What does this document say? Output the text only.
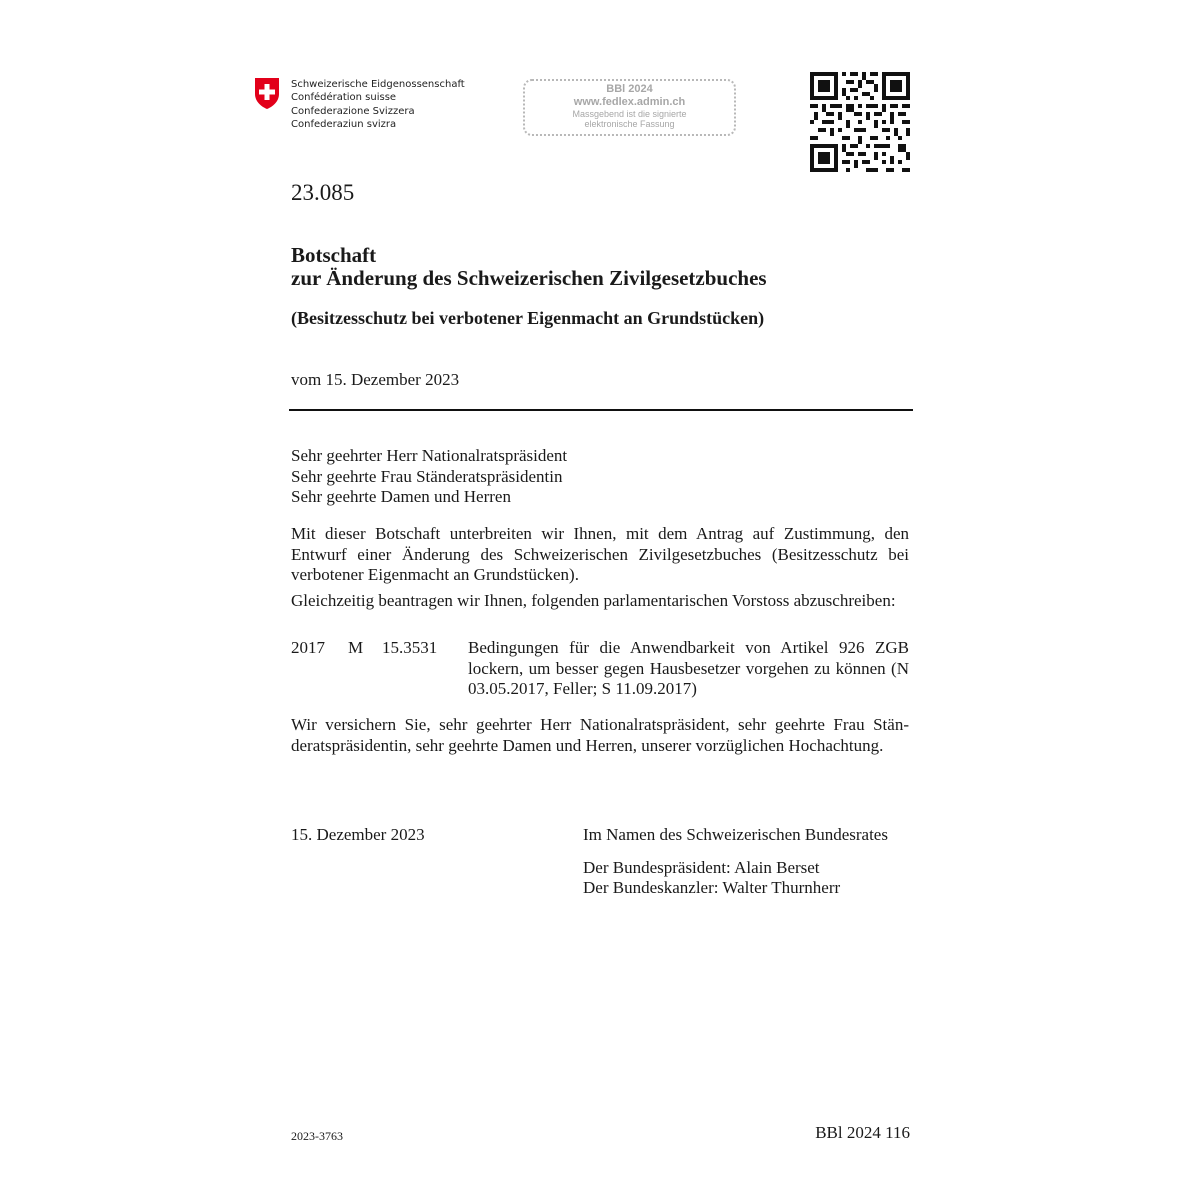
Schweizerische Eidgenossenschaft
Confédération suisse
Confederazione Svizzera
Confederaziun svizra
BBl 2024
www.fedlex.admin.ch
Massgebend ist die signierte
elektronische Fassung
23.085
Botschaft
zur Änderung des Schweizerischen Zivilgesetzbuches
(Besitzesschutz bei verbotener Eigenmacht an Grundstücken)
vom 15. Dezember 2023
Sehr geehrter Herr Nationalratspräsident
Sehr geehrte Frau Ständeratspräsidentin
Sehr geehrte Damen und Herren
Mit dieser Botschaft unterbreiten wir Ihnen, mit dem Antrag auf Zustimmung, den Entwurf einer Änderung des Schweizerischen Zivilgesetzbuches (Besitzesschutz bei verbotener Eigenmacht an Grundstücken).
Gleichzeitig beantragen wir Ihnen, folgenden parlamentarischen Vorstoss abzuschreiben:
2017 M 15.3531 Bedingungen für die Anwendbarkeit von Artikel 926 ZGB lockern, um besser gegen Hausbesetzer vorgehen zu können (N 03.05.2017, Feller; S 11.09.2017)
Wir versichern Sie, sehr geehrter Herr Nationalratspräsident, sehr geehrte Frau Ständeratspräsidentin, sehr geehrte Damen und Herren, unserer vorzüglichen Hochachtung.
15. Dezember 2023	Im Namen des Schweizerischen Bundesrates
Der Bundespräsident: Alain Berset
Der Bundeskanzler: Walter Thurnherr
2023-3763	BBl 2024 116
